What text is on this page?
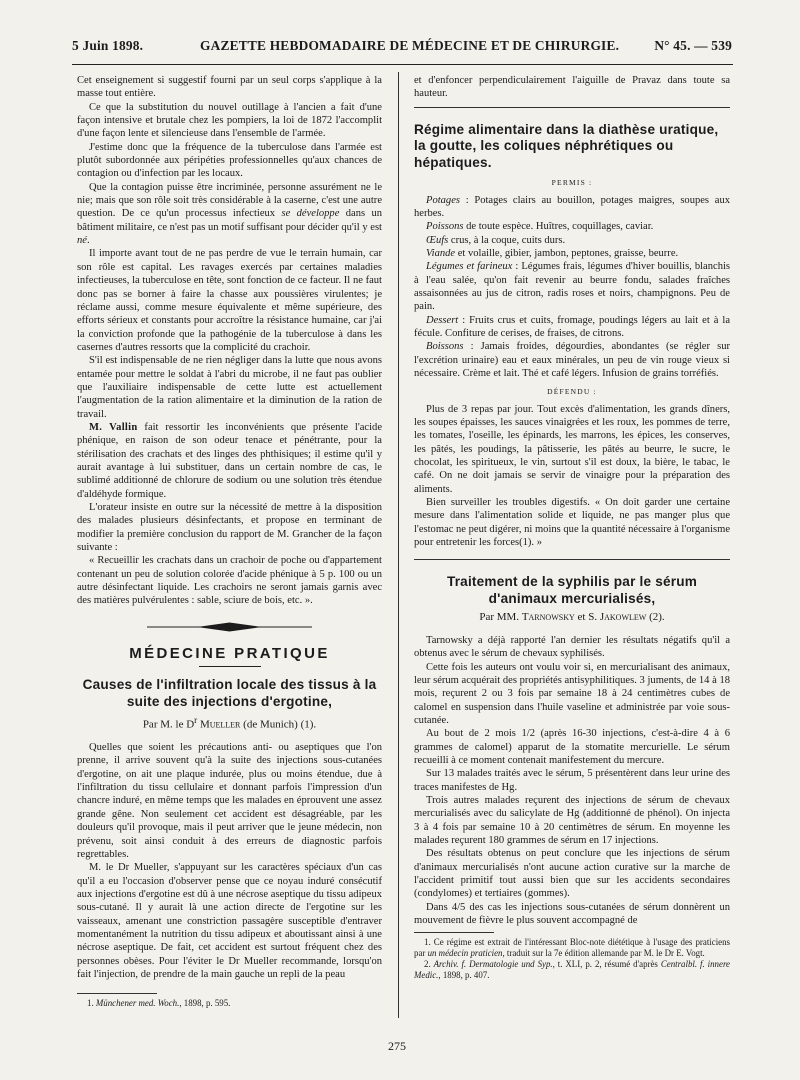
5 Juin 1898.	GAZETTE HEBDOMADAIRE DE MÉDECINE ET DE CHIRURGIE.	N° 45. — 539

Cet enseignement si suggestif fourni par un seul corps s'applique à la masse tout entière.

Ce que la substitution du nouvel outillage à l'ancien a fait d'une façon intensive et brutale chez les pompiers, la loi de 1872 l'accomplit d'une façon lente et silencieuse dans l'ensemble de l'armée.

J'estime donc que la fréquence de la tuberculose dans l'armée est plutôt subordonnée aux péripéties professionnelles qu'aux chances de contagion ou d'infection par les locaux.

Que la contagion puisse être incriminée, personne assurément ne le nie; mais que son rôle soit très considérable à la caserne, c'est une autre question. De ce qu'un processus infectieux se développe dans un bâtiment militaire, ce n'est pas un motif suffisant pour décider qu'il y est né.

Il importe avant tout de ne pas perdre de vue le terrain humain, car son rôle est capital. Les ravages exercés par certaines maladies infectieuses, la tuberculose en tête, sont fonction de ce facteur. Il ne faut donc pas se borner à faire la chasse aux poussières virulentes; je réclame aussi, comme mesure équivalente et même supérieure, des efforts sérieux et constants pour accroître la résistance humaine, car j'ai la conviction profonde que la pathogénie de la tuberculose à dans les casernes d'autres ressorts que la complicité du crachoir.

S'il est indispensable de ne rien négliger dans la lutte que nous avons entamée pour mettre le soldat à l'abri du microbe, il ne faut pas oublier que l'auxiliaire indispensable de cette lutte est actuellement l'augmentation de la ration alimentaire et la diminution de la ration de travail.

M. Vallin fait ressortir les inconvénients que présente l'acide phénique, en raison de son odeur tenace et pénétrante, pour la stérilisation des crachats et des linges des phthisiques; il estime qu'il y aurait avantage à lui substituer, dans un certain nombre de cas, le sublimé additionné de chlorure de sodium ou une solution très étendue d'aldéhyde formique.

L'orateur insiste en outre sur la nécessité de mettre à la disposition des malades plusieurs désinfectants, et propose en terminant de modifier la première conclusion du rapport de M. Grancher de la façon suivante :

« Recueillir les crachats dans un crachoir de poche ou d'appartement contenant un peu de solution colorée d'acide phénique à 5 p. 100 ou un autre désinfectant liquide. Les crachoirs ne seront jamais garnis avec des matières pulvérulentes : sable, sciure de bois, etc. ».

MÉDECINE PRATIQUE
Causes de l'infiltration locale des tissus à la suite des injections d'ergotine,
Par M. le $D^r$ Mueller (de Munich) (1).

Quelles que soient les précautions anti- ou aseptiques que l'on prenne, il arrive souvent qu'à la suite des injections sous-cutanées d'ergotine, on ait une plaque indurée, plus ou moins étendue, due à l'infiltration du tissu cellulaire et donnant parfois l'impression d'un chancre induré, en même temps que les malades en éprouvent une assez grande gêne. Non seulement cet accident est désagréable, par les douleurs qu'il provoque, mais il peut arriver que le jeune médecin, non prévenu, soit ainsi conduit à des erreurs de diagnostic parfois regrettables.

M. le Dr Mueller, s'appuyant sur les caractères spéciaux d'un cas qu'il a eu l'occasion d'observer pense que ce noyau induré consécutif aux injections d'ergotine est dû à une nécrose aseptique du tissu adipeux sous-cutané. Il y aurait là une action directe de l'ergotine sur les vaisseaux, amenant une constriction passagère susceptible d'entraver momentanément la nutrition du tissu adipeux et aboutissant ainsi à une nécrose aseptique. De fait, cet accident est surtout fréquent chez des personnes obèses. Pour l'éviter le Dr Mueller recommande, lorsqu'on fait l'injection, de prendre de la main gauche un repli de la peau

1. Münchener med. Woch., 1898, p. 595.

et d'enfoncer perpendiculairement l'aiguille de Pravaz dans toute sa hauteur.

Régime alimentaire dans la diathèse uratique, la goutte, les coliques néphrétiques ou hépatiques.
PERMIS :

Potages : Potages clairs au bouillon, potages maigres, soupes aux herbes.

Poissons de toute espèce. Huîtres, coquillages, caviar.

Œufs crus, à la coque, cuits durs.

Viande et volaille, gibier, jambon, peptones, graisse, beurre.

Légumes et farineux : Légumes frais, légumes d'hiver bouillis, blanchis à l'eau salée, qu'on fait revenir au beurre fondu, salades fraîches assaisonnées au jus de citron, radis roses et noirs, champignons. Peu de pain.

Dessert : Fruits crus et cuits, fromage, poudings légers au lait et à la fécule. Confiture de cerises, de fraises, de citrons.

Boissons : Jamais froides, dégourdies, abondantes (se régler sur l'excrétion urinaire) eau et eaux minérales, un peu de vin rouge vieux si nécessaire. Crème et lait. Thé et café légers. Infusion de grains torréfiés.

DÉFENDU :

Plus de 3 repas par jour. Tout excès d'alimentation, les grands dîners, les soupes épaisses, les sauces vinaigrées et les roux, les pommes de terre, les tomates, l'oseille, les épinards, les marrons, les épices, les conserves, les pâtés, les poudings, la pâtisserie, les pâtés au beurre, le sucre, le chocolat, les spiritueux, le vin, surtout s'il est doux, la bière, le tabac, le café. On ne doit jamais se servir de vinaigre pour la préparation des aliments.

Bien surveiller les troubles digestifs. « On doit garder une certaine mesure dans l'alimentation solide et liquide, ne pas manger plus que l'estomac ne peut digérer, ni moins que la quantité nécessaire à l'organisme pour entretenir les forces(1). »

Traitement de la syphilis par le sérum d'animaux mercurialisés,
Par MM. Tarnowsky et S. Jakowlew (2).

Tarnowsky a déjà rapporté l'an dernier les résultats négatifs qu'il a obtenus avec le sérum de chevaux syphilisés.

Cette fois les auteurs ont voulu voir si, en mercurialisant des animaux, leur sérum acquérait des propriétés antisyphilitiques. 3 juments, de 14 à 18 mois, reçurent 2 ou 3 fois par semaine 18 à 24 centimètres cubes de calomel en suspension dans l'huile vaseline et administrée par voie sous-cutanée.

Au bout de 2 mois 1/2 (après 16-30 injections, c'est-à-dire 4 à 6 grammes de calomel) apparut de la stomatite mercurielle. Le sérum recueilli à ce moment contenait manifestement du mercure.

Sur 13 malades traités avec le sérum, 5 présentèrent dans leur urine des traces manifestes de Hg.

Trois autres malades reçurent des injections de sérum de chevaux mercurialisés avec du salicylate de Hg (additionné de phénol). On injecta 3 à 4 fois par semaine 10 à 20 centimètres de sérum. En moyenne les malades reçurent 180 grammes de sérum en 17 injections.

Des résultats obtenus on peut conclure que les injections de sérum d'animaux mercurialisés n'ont aucune action curative sur la marche de l'accident primitif tout aussi bien que sur les accidents secondaires (condylomes) et tertiaires (gommes).

Dans 4/5 des cas les injections sous-cutanées de sérum donnèrent un mouvement de fièvre le plus souvent accompagné de

1. Ce régime est extrait de l'intéressant Bloc-note diététique à l'usage des praticiens par un médecin praticien, traduit sur la 7e édition allemande par M. le Dr E. Vogt.

2. Archiv. f. Dermatologie und Syp., t. XLI, p. 2, résumé d'après Centralbl. f. innere Medic., 1898, p. 407.

275
